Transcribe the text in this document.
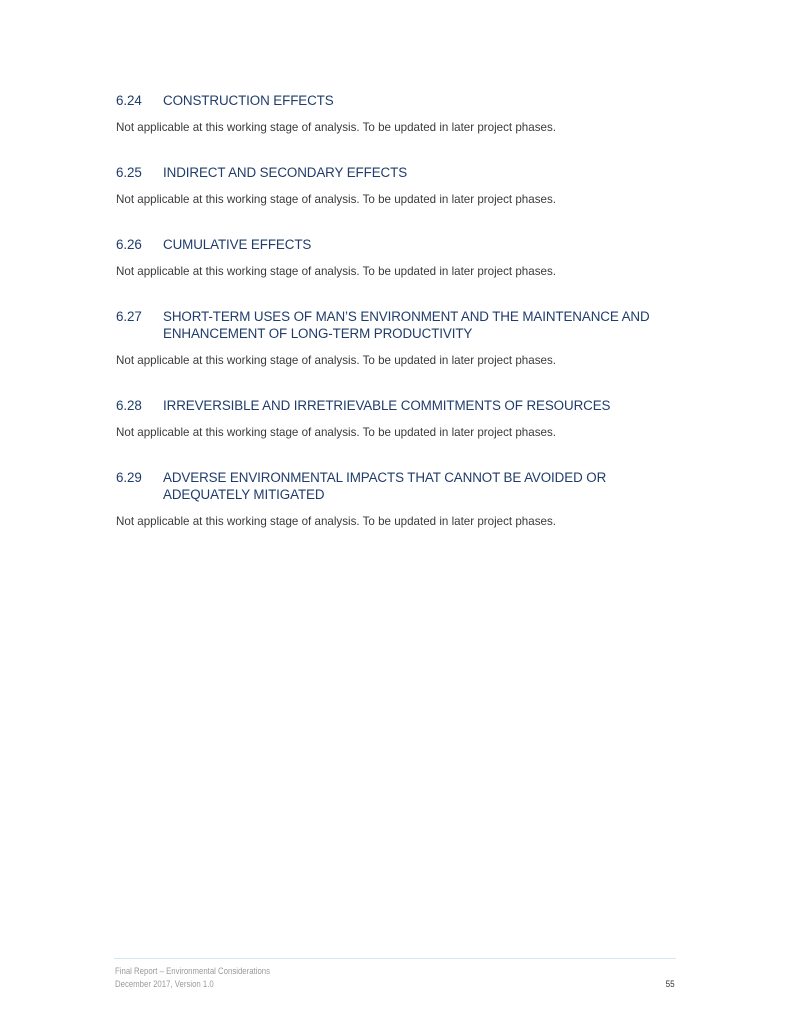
6.24	CONSTRUCTION EFFECTS

Not applicable at this working stage of analysis. To be updated in later project phases.

6.25	INDIRECT AND SECONDARY EFFECTS

Not applicable at this working stage of analysis. To be updated in later project phases.

6.26	CUMULATIVE EFFECTS

Not applicable at this working stage of analysis. To be updated in later project phases.

6.27	SHORT-TERM USES OF MAN’S ENVIRONMENT AND THE MAINTENANCE AND ENHANCEMENT OF LONG-TERM PRODUCTIVITY

Not applicable at this working stage of analysis. To be updated in later project phases.

6.28	IRREVERSIBLE AND IRRETRIEVABLE COMMITMENTS OF RESOURCES

Not applicable at this working stage of analysis. To be updated in later project phases.

6.29	ADVERSE ENVIRONMENTAL IMPACTS THAT CANNOT BE AVOIDED OR ADEQUATELY MITIGATED

Not applicable at this working stage of analysis. To be updated in later project phases.

Final Report – Environmental Considerations
December 2017, Version 1.0	55
